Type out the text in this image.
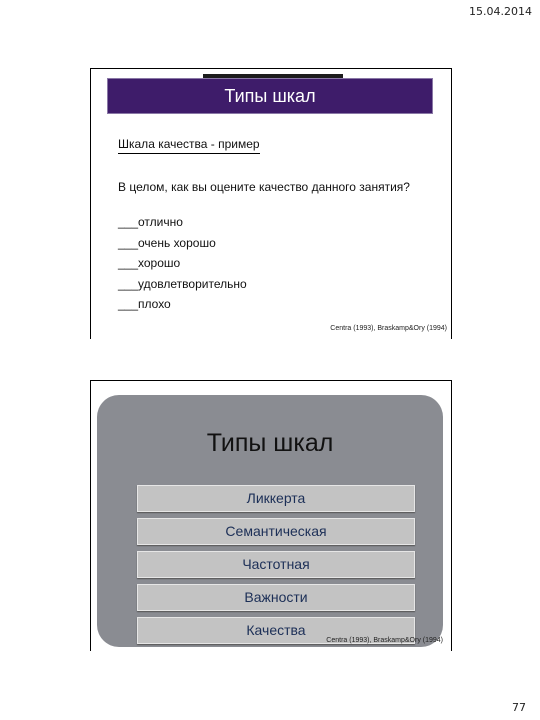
15.04.2014
Типы шкал
Шкала качества - пример
В целом, как вы оцените качество данного занятия?
___отлично
___очень хорошо
___хорошо
___удовлетворительно
___плохо
Centra (1993), Braskamp&Ory (1994)
Типы шкал
Ликкерта
Семантическая
Частотная
Важности
Качества
Centra (1993), Braskamp&Ory (1994)
77
